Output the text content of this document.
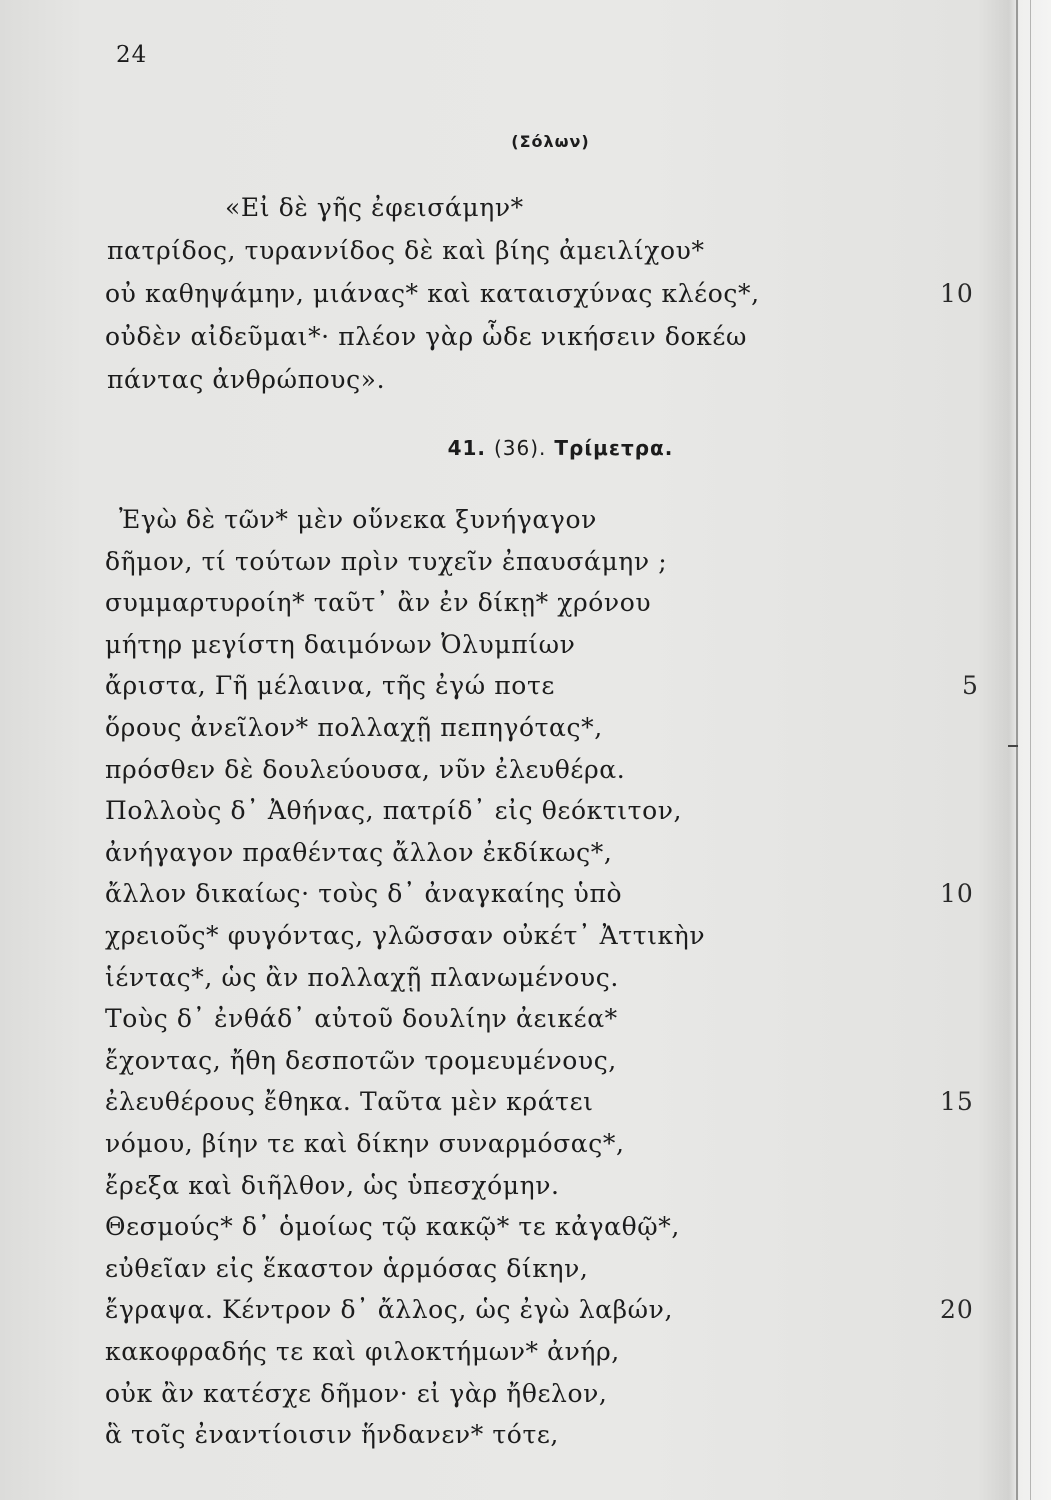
24
(Σόλων)
«Εἰ δὲ γῆς ἐφεισάμην*
πατρίδος, τυραννίδος δὲ καὶ βίης ἀμειλίχου*
οὐ καθηψάμην, μιάνας* καὶ καταισχύνας κλέος*,
οὐδὲν αἰδεῦμαι*· πλέον γὰρ ὧδε νικήσειν δοκέω
πάντας ἀνθρώπους».
10
41. (36). Τρίμετρα.
Ἐγὼ δὲ τῶν* μὲν οὕνεκα ξυνήγαγον
δῆμον, τί τούτων πρὶν τυχεῖν ἐπαυσάμην ;
συμμαρτυροίη* ταῦτ᾽ ἂν ἐν δίκῃ* χρόνου
μήτηρ μεγίστη δαιμόνων Ὀλυμπίων
ἄριστα, Γῆ μέλαινα, τῆς ἐγώ ποτε
ὅρους ἀνεῖλον* πολλαχῇ πεπηγότας*,
πρόσθεν δὲ δουλεύουσα, νῦν ἐλευθέρα.
Πολλοὺς δ᾽ Ἀθήνας, πατρίδ᾽ εἰς θεόκτιτον,
ἀνήγαγον πραθέντας ἄλλον ἐκδίκως*,
ἄλλον δικαίως· τοὺς δ᾽ ἀναγκαίης ὑπὸ
χρειοῦς* φυγόντας, γλῶσσαν οὐκέτ᾽ Ἀττικὴν
ἱέντας*, ὡς ἂν πολλαχῇ πλανωμένους.
Τοὺς δ᾽ ἐνθάδ᾽ αὐτοῦ δουλίην ἀεικέα*
ἔχοντας, ἤθη δεσποτῶν τρομευμένους,
ἐλευθέρους ἔθηκα. Ταῦτα μὲν κράτει
νόμου, βίην τε καὶ δίκην συναρμόσας*,
ἔρεξα καὶ διῆλθον, ὡς ὑπεσχόμην.
Θεσμούς* δ᾽ ὁμοίως τῷ κακῷ* τε κἀγαθῷ*,
εὐθεῖαν εἰς ἕκαστον ἁρμόσας δίκην,
ἔγραψα. Κέντρον δ᾽ ἄλλος, ὡς ἐγὼ λαβών,
κακοφραδής τε καὶ φιλοκτήμων* ἀνήρ,
οὐκ ἂν κατέσχε δῆμον· εἰ γὰρ ἤθελον,
ἃ τοῖς ἐναντίοισιν ἥνδανεν* τότε,
5
10
15
20
